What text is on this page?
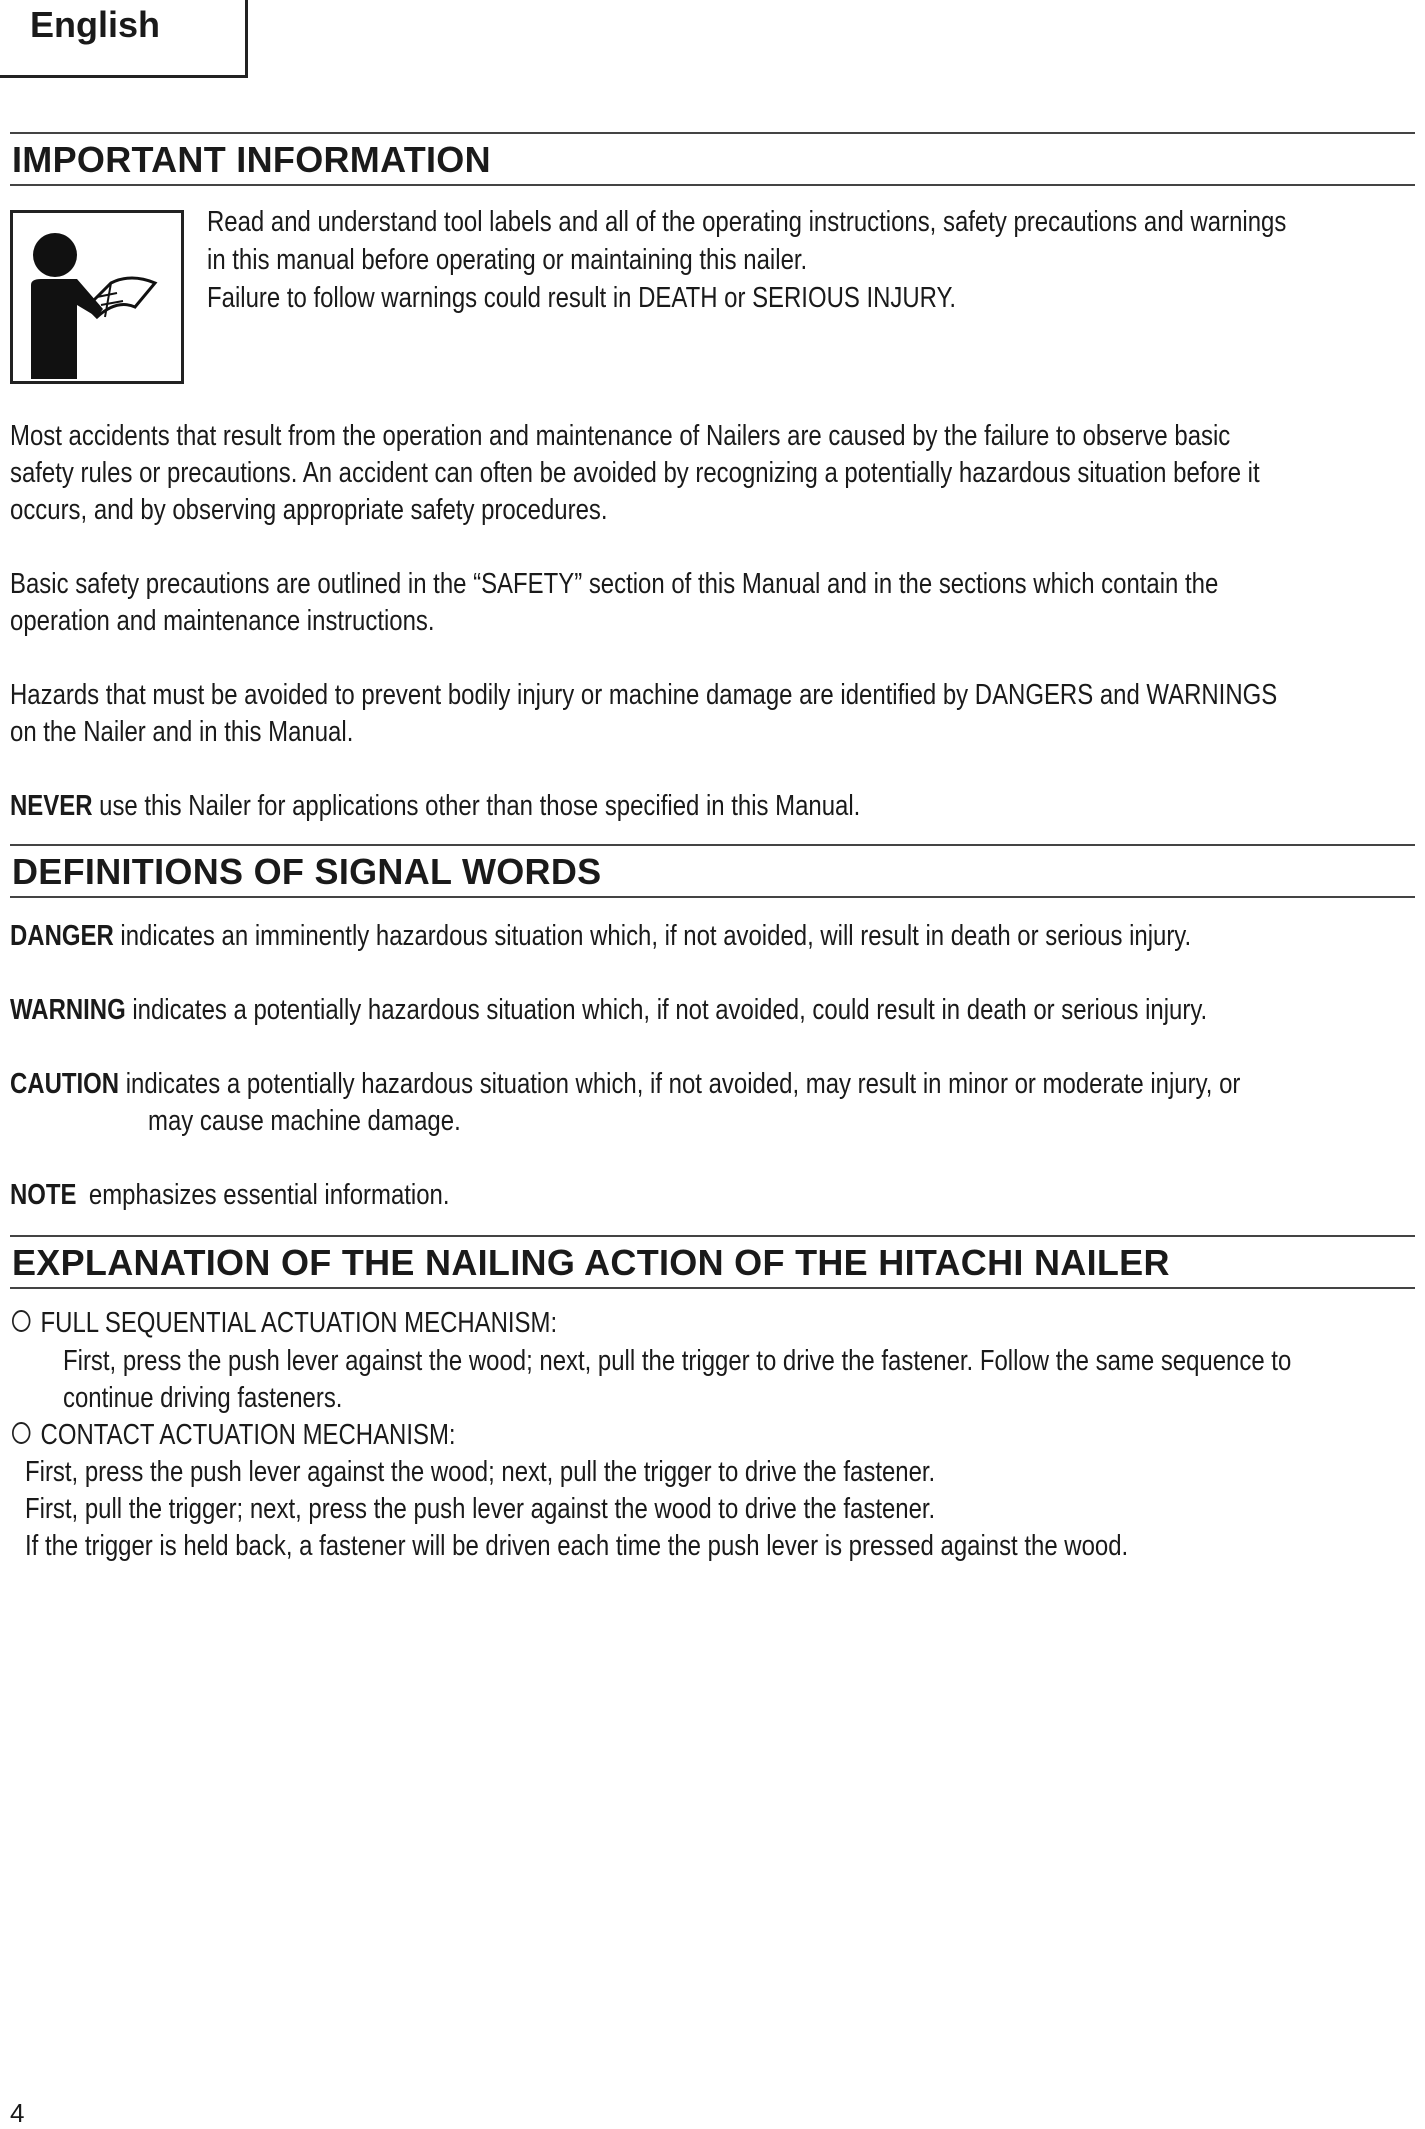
English
IMPORTANT INFORMATION
Read and understand tool labels and all of the operating instructions, safety precautions and warnings
in this manual before operating or maintaining this nailer.
Failure to follow warnings could result in DEATH or SERIOUS INJURY.
Most accidents that result from the operation and maintenance of Nailers are caused by the failure to observe basic
safety rules or precautions. An accident can often be avoided by recognizing a potentially hazardous situation before it
occurs, and by observing appropriate safety procedures.
Basic safety precautions are outlined in the “SAFETY” section of this Manual and in the sections which contain the
operation and maintenance instructions.
Hazards that must be avoided to prevent bodily injury or machine damage are identified by DANGERS and WARNINGS
on the Nailer and in this Manual.
NEVER use this Nailer for applications other than those specified in this Manual.
DEFINITIONS OF SIGNAL WORDS
DANGER indicates an imminently hazardous situation which, if not avoided, will result in death or serious injury.
WARNING indicates a potentially hazardous situation which, if not avoided, could result in death or serious injury.
CAUTION indicates a potentially hazardous situation which, if not avoided, may result in minor or moderate injury, or
may cause machine damage.
NOTE emphasizes essential information.
EXPLANATION OF THE NAILING ACTION OF THE HITACHI NAILER
FULL SEQUENTIAL ACTUATION MECHANISM:
First, press the push lever against the wood; next, pull the trigger to drive the fastener. Follow the same sequence to
continue driving fasteners.
CONTACT ACTUATION MECHANISM:
First, press the push lever against the wood; next, pull the trigger to drive the fastener.
First, pull the trigger; next, press the push lever against the wood to drive the fastener.
If the trigger is held back, a fastener will be driven each time the push lever is pressed against the wood.
4
